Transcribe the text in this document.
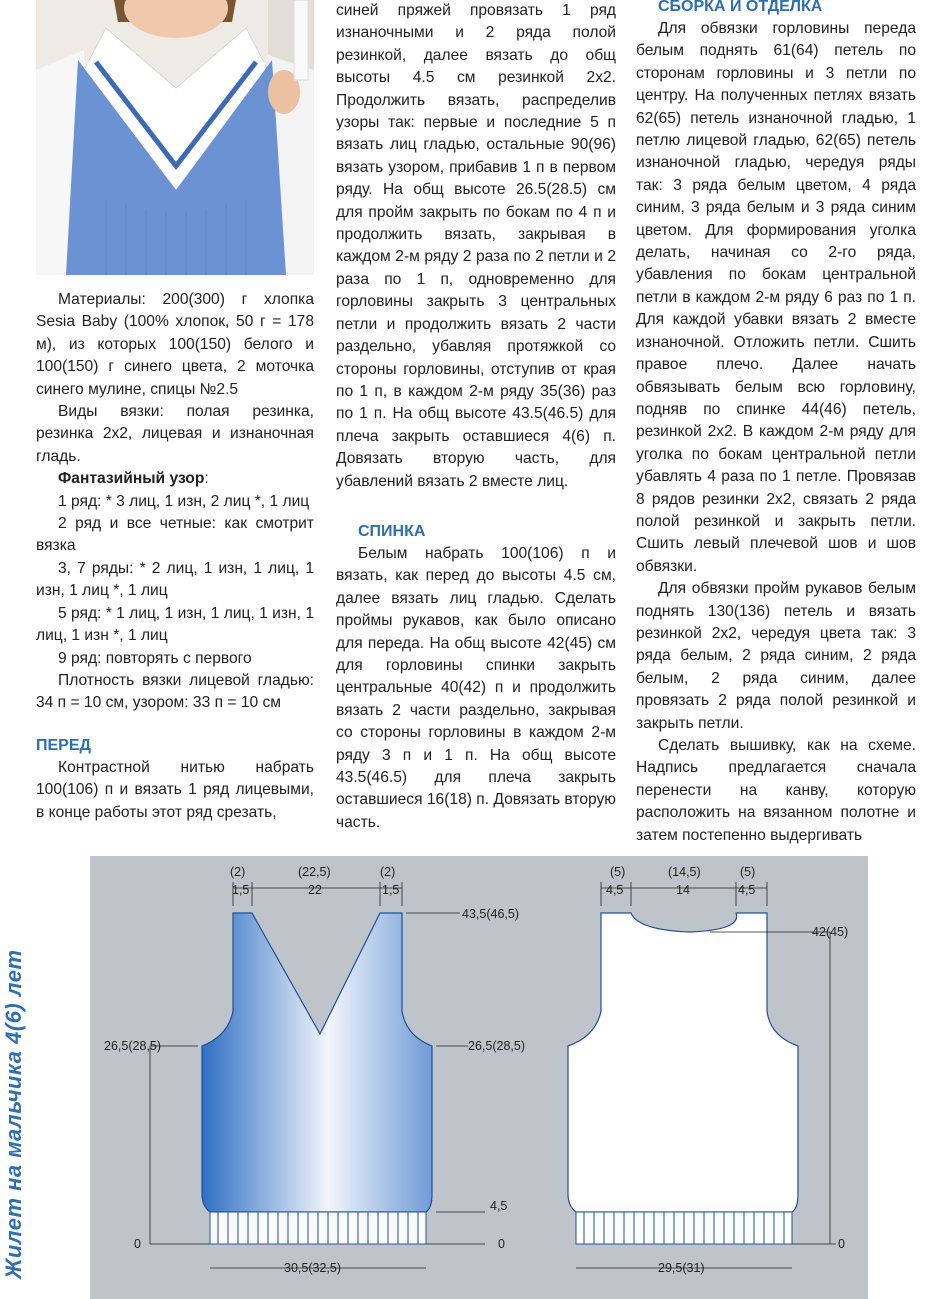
Материалы: 200(300) г хлопка Sesia Baby (100% хлопок, 50 г = 178 м), из которых 100(150) белого и 100(150) г синего цвета, 2 моточка синего мулине, спицы №2.5

Виды вязки: полая резинка, резинка 2х2, лицевая и изнаночная гладь.

Фантазийный узор:

1 ряд: * 3 лиц, 1 изн, 2 лиц *, 1 лиц

2 ряд и все четные: как смотрит вязка

3, 7 ряды: * 2 лиц, 1 изн, 1 лиц, 1 изн, 1 лиц *, 1 лиц

5 ряд: * 1 лиц, 1 изн, 1 лиц, 1 изн, 1 лиц, 1 изн *, 1 лиц

9 ряд: повторять с первого

Плотность вязки лицевой гладью: 34 п = 10 см, узором: 33 п = 10 см

ПЕРЕД

Контрастной нитью набрать 100(106) п и вязать 1 ряд лицевыми, в конце работы этот ряд срезать,

синей пряжей провязать 1 ряд изнаночными и 2 ряда полой резинкой, далее вязать до общ высоты 4.5 см резинкой 2х2. Продолжить вязать, распределив узоры так: первые и последние 5 п вязать лиц гладью, остальные 90(96) вязать узором, прибавив 1 п в первом ряду. На общ высоте 26.5(28.5) см для пройм закрыть по бокам по 4 п и продолжить вязать, закрывая в каждом 2-м ряду 2 раза по 2 петли и 2 раза по 1 п, одновременно для горловины закрыть 3 центральных петли и продолжить вязать 2 части раздельно, убавляя протяжкой со стороны горловины, отступив от края по 1 п, в каждом 2-м ряду 35(36) раз по 1 п. На общ высоте 43.5(46.5) для плеча закрыть оставшиеся 4(6) п. Довязать вторую часть, для убавлений вязать 2 вместе лиц.

СПИНКА

Белым набрать 100(106) п и вязать, как перед до высоты 4.5 см, далее вязать лиц гладью. Сделать проймы рукавов, как было описано для переда. На общ высоте 42(45) см для горловины спинки закрыть центральные 40(42) п и продолжить вязать 2 части раздельно, закрывая со стороны горловины в каждом 2-м ряду 3 п и 1 п. На общ высоте 43.5(46.5) для плеча закрыть оставшиеся 16(18) п. Довязать вторую часть.

СБОРКА И ОТДЕЛКА

Для обвязки горловины переда белым поднять 61(64) петель по сторонам горловины и 3 петли по центру. На полученных петлях вязать 62(65) петель изнаночной гладью, 1 петлю лицевой гладью, 62(65) петель изнаночной гладью, чередуя ряды так: 3 ряда белым цветом, 4 ряда синим, 3 ряда белым и 3 ряда синим цветом. Для формирования уголка делать, начиная со 2-го ряда, убавления по бокам центральной петли в каждом 2-м ряду 6 раз по 1 п. Для каждой убавки вязать 2 вместе изнаночной. Отложить петли. Сшить правое плечо. Далее начать обвязывать белым всю горловину, подняв по спинке 44(46) петель, резинкой 2х2. В каждом 2-м ряду для уголка по бокам центральной петли убавлять 4 раза по 1 петле. Провязав 8 рядов резинки 2х2, связать 2 ряда полой резинкой и закрыть петли. Сшить левый плечевой шов и шов обвязки.

Для обвязки пройм рукавов белым поднять 130(136) петель и вязать резинкой 2х2, чередуя цвета так: 3 ряда белым, 2 ряда синим, 2 ряда белым, 2 ряда синим, далее провязать 2 ряда полой резинкой и закрыть петли.

Сделать вышивку, как на схеме. Надпись предлагается сначала перенести на канву, которую расположить на вязанном полотне и затем постепенно выдергивать

Жилет на мальчика 4(6) лет
(2)	(22,5)	(2)
1,5	22	1,5
43,5(46,5)
26,5(28,5)	26,5(28,5)
4,5
0	0
30,5(32,5)
(5)	(14,5)	(5)
4,5	14	4,5
42(45)
0
29,5(31)
